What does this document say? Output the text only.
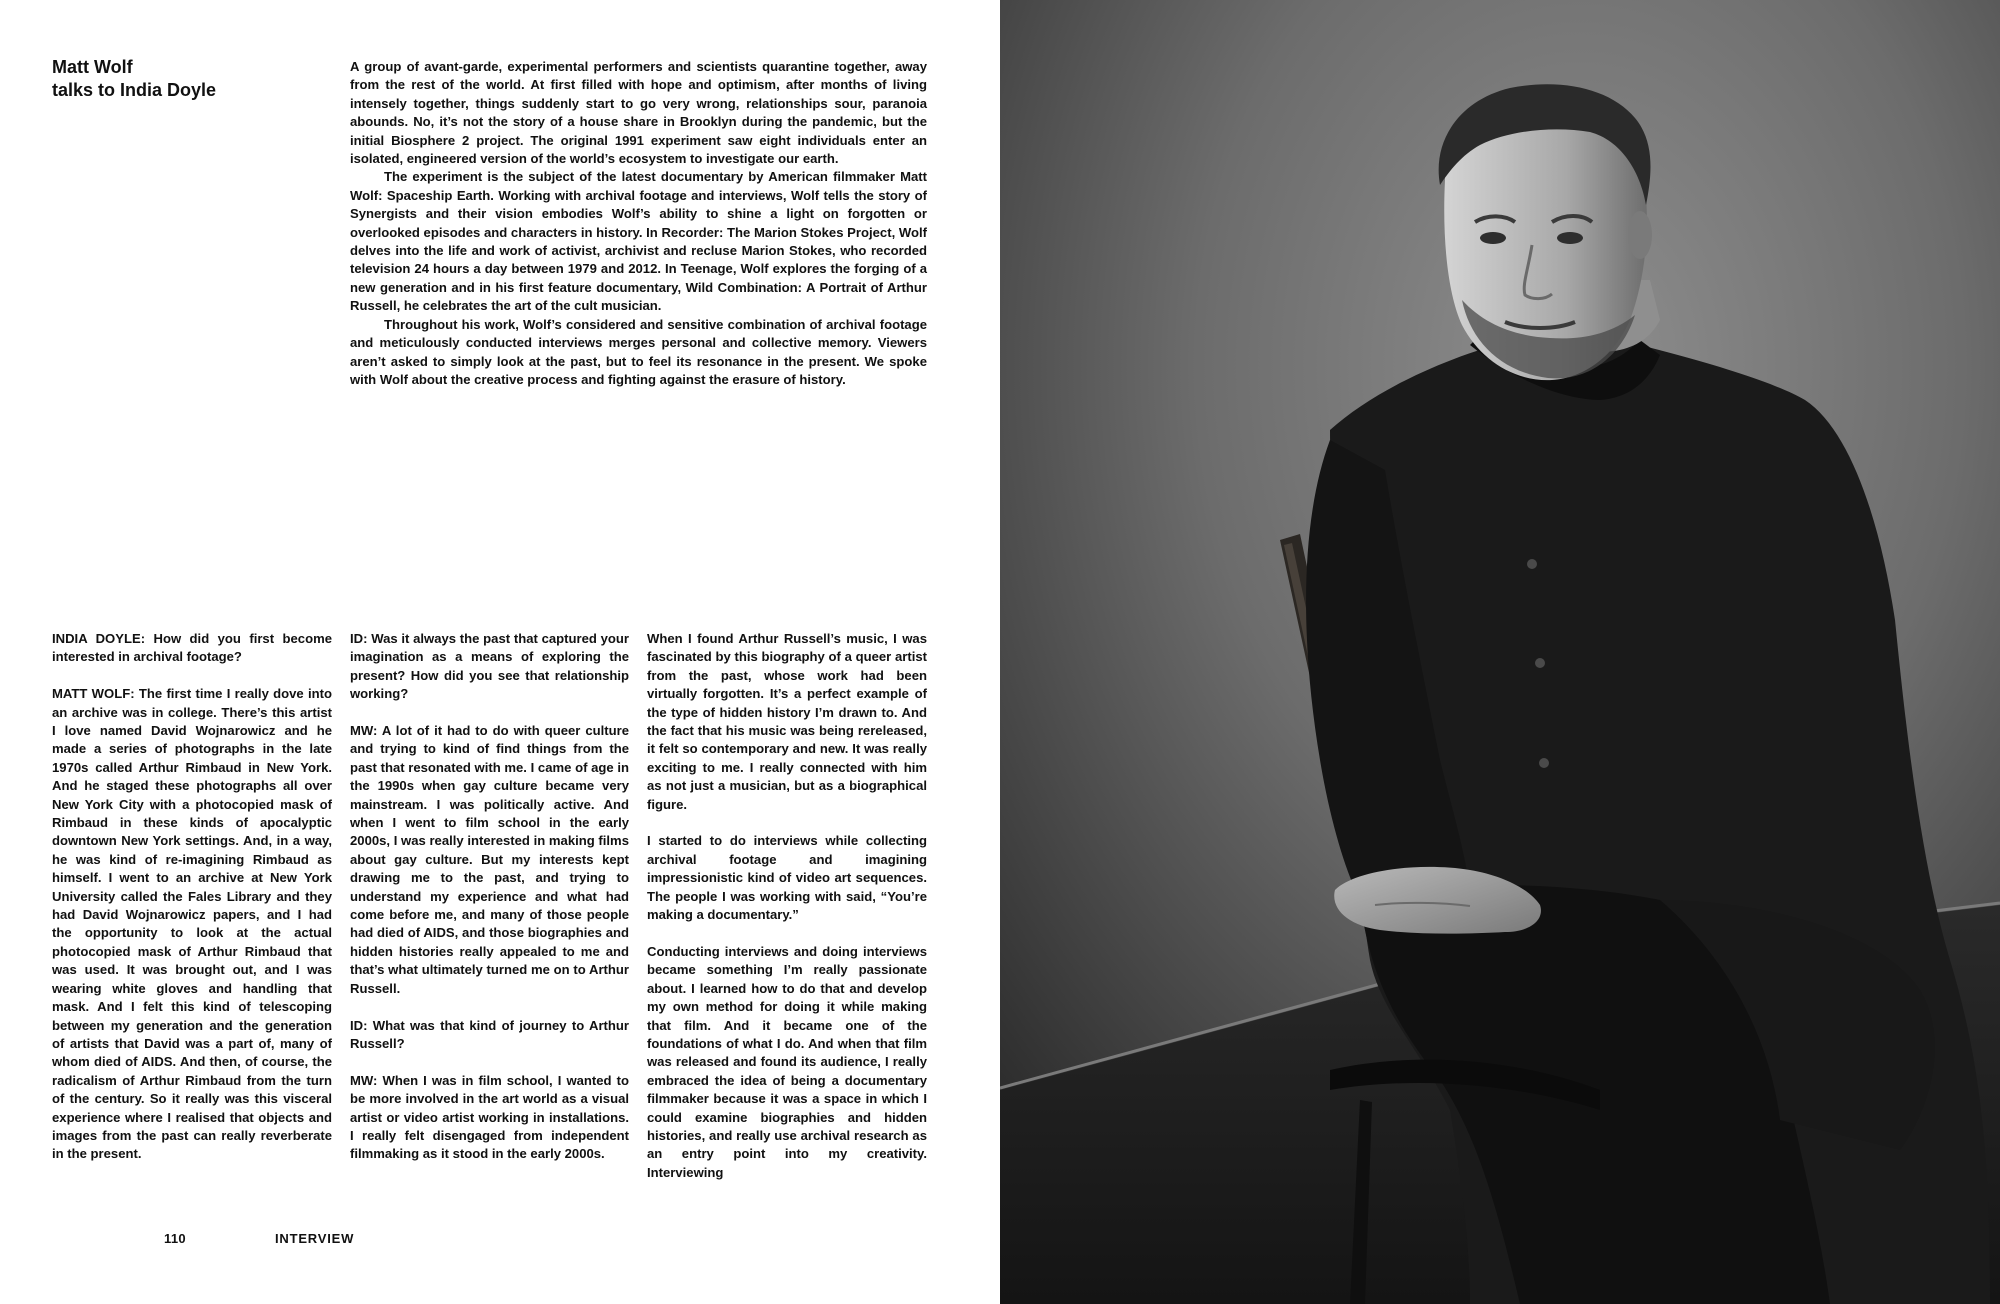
Matt Wolf
talks to India Doyle

A group of avant-garde, experimental performers and scientists quarantine together, away from the rest of the world. At first filled with hope and optimism, after months of living intensely together, things suddenly start to go very wrong, relationships sour, paranoia abounds. No, it’s not the story of a house share in Brooklyn during the pandemic, but the initial Biosphere 2 project. The original 1991 experiment saw eight individuals enter an isolated, engineered version of the world’s ecosystem to investigate our earth.

The experiment is the subject of the latest documentary by American filmmaker Matt Wolf: Spaceship Earth. Working with archival footage and interviews, Wolf tells the story of Synergists and their vision embodies Wolf’s ability to shine a light on forgotten or overlooked episodes and characters in history. In Recorder: The Marion Stokes Project, Wolf delves into the life and work of activist, archivist and recluse Marion Stokes, who recorded television 24 hours a day between 1979 and 2012. In Teenage, Wolf explores the forging of a new generation and in his first feature documentary, Wild Combination: A Portrait of Arthur Russell, he celebrates the art of the cult musician.

Throughout his work, Wolf’s considered and sensitive combination of archival footage and meticulously conducted interviews merges personal and collective memory. Viewers aren’t asked to simply look at the past, but to feel its resonance in the present. We spoke with Wolf about the creative process and fighting against the erasure of history.

INDIA DOYLE: How did you first become interested in archival footage?

MATT WOLF: The first time I really dove into an archive was in college. There’s this artist I love named David Wojnarowicz and he made a series of photographs in the late 1970s called Arthur Rimbaud in New York. And he staged these photographs all over New York City with a photocopied mask of Rimbaud in these kinds of apocalyptic downtown New York settings. And, in a way, he was kind of re-imagining Rimbaud as himself. I went to an archive at New York University called the Fales Library and they had David Wojnarowicz papers, and I had the opportunity to look at the actual photocopied mask of Arthur Rimbaud that was used. It was brought out, and I was wearing white gloves and handling that mask. And I felt this kind of telescoping between my generation and the generation of artists that David was a part of, many of whom died of AIDS. And then, of course, the radicalism of Arthur Rimbaud from the turn of the century. So it really was this visceral experience where I realised that objects and images from the past can really reverberate in the present.

ID: Was it always the past that captured your imagination as a means of exploring the present? How did you see that relationship working?

MW: A lot of it had to do with queer culture and trying to kind of find things from the past that resonated with me. I came of age in the 1990s when gay culture became very mainstream. I was politically active. And when I went to film school in the early 2000s, I was really interested in making films about gay culture. But my interests kept drawing me to the past, and trying to understand my experience and what had come before me, and many of those people had died of AIDS, and those biographies and hidden histories really appealed to me and that’s what ultimately turned me on to Arthur Russell.

ID: What was that kind of journey to Arthur Russell?

MW: When I was in film school, I wanted to be more involved in the art world as a visual artist or video artist working in installations. I really felt disengaged from independent filmmaking as it stood in the early 2000s.

When I found Arthur Russell’s music, I was fascinated by this biography of a queer artist from the past, whose work had been virtually forgotten. It’s a perfect example of the type of hidden history I’m drawn to. And the fact that his music was being rereleased, it felt so contemporary and new. It was really exciting to me. I really connected with him as not just a musician, but as a biographical figure.

I started to do interviews while collecting archival footage and imagining impressionistic kind of video art sequences. The people I was working with said, “You’re making a documentary.”

Conducting interviews and doing interviews became something I’m really passionate about. I learned how to do that and develop my own method for doing it while making that film. And it became one of the foundations of what I do. And when that film was released and found its audience, I really embraced the idea of being a documentary filmmaker because it was a space in which I could examine biographies and hidden histories, and really use archival research as an entry point into my creativity. Interviewing

110	INTERVIEW
